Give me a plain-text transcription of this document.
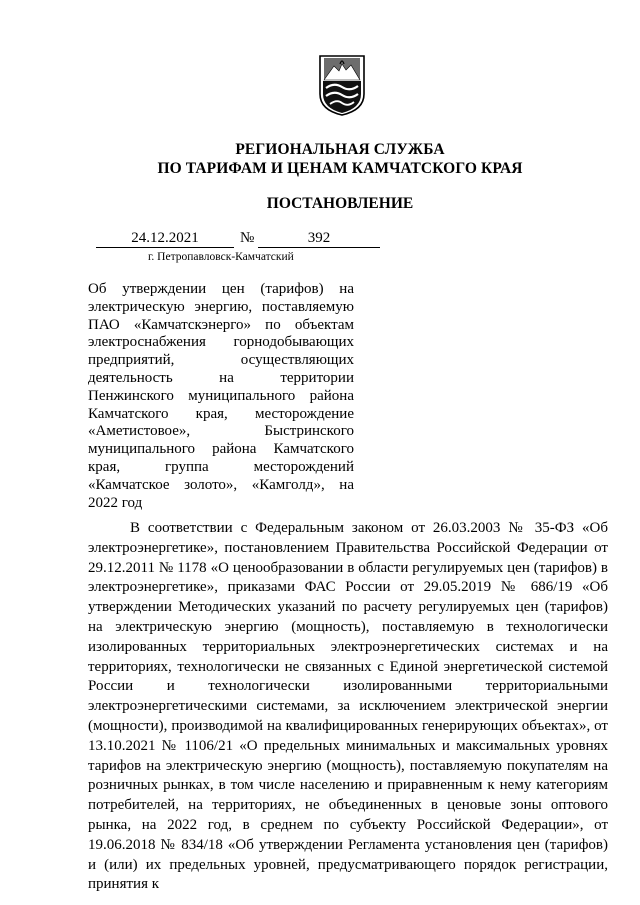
РЕГИОНАЛЬНАЯ СЛУЖБА
ПО ТАРИФАМ И ЦЕНАМ КАМЧАТСКОГО КРАЯ
ПОСТАНОВЛЕНИЕ
24.12.2021	№	392
г. Петропавловск-Камчатский

Об утверждении цен (тарифов) на электрическую энергию, поставляемую ПАО «Камчатскэнерго» по объектам электроснабжения горнодобывающих предприятий, осуществляющих деятельность на территории Пенжинского муниципального района Камчатского края, месторождение «Аметистовое», Быстринского муниципального района Камчатского края, группа месторождений «Камчатское золото», «Камголд», на 2022 год

В соответствии с Федеральным законом от 26.03.2003 № 35-ФЗ «Об электроэнергетике», постановлением Правительства Российской Федерации от 29.12.2011 № 1178 «О ценообразовании в области регулируемых цен (тарифов) в электроэнергетике», приказами ФАС России от 29.05.2019 № 686/19 «Об утверждении Методических указаний по расчету регулируемых цен (тарифов) на электрическую энергию (мощность), поставляемую в технологически изолированных территориальных электроэнергетических системах и на территориях, технологически не связанных с Единой энергетической системой России и технологически изолированными территориальными электроэнергетическими системами, за исключением электрической энергии (мощности), производимой на квалифицированных генерирующих объектах», от 13.10.2021 № 1106/21 «О предельных минимальных и максимальных уровнях тарифов на электрическую энергию (мощность), поставляемую покупателям на розничных рынках, в том числе населению и приравненным к нему категориям потребителей, на территориях, не объединенных в ценовые зоны оптового рынка, на 2022 год, в среднем по субъекту Российской Федерации», от 19.06.2018 № 834/18 «Об утверждении Регламента установления цен (тарифов) и (или) их предельных уровней, предусматривающего порядок регистрации, принятия к
